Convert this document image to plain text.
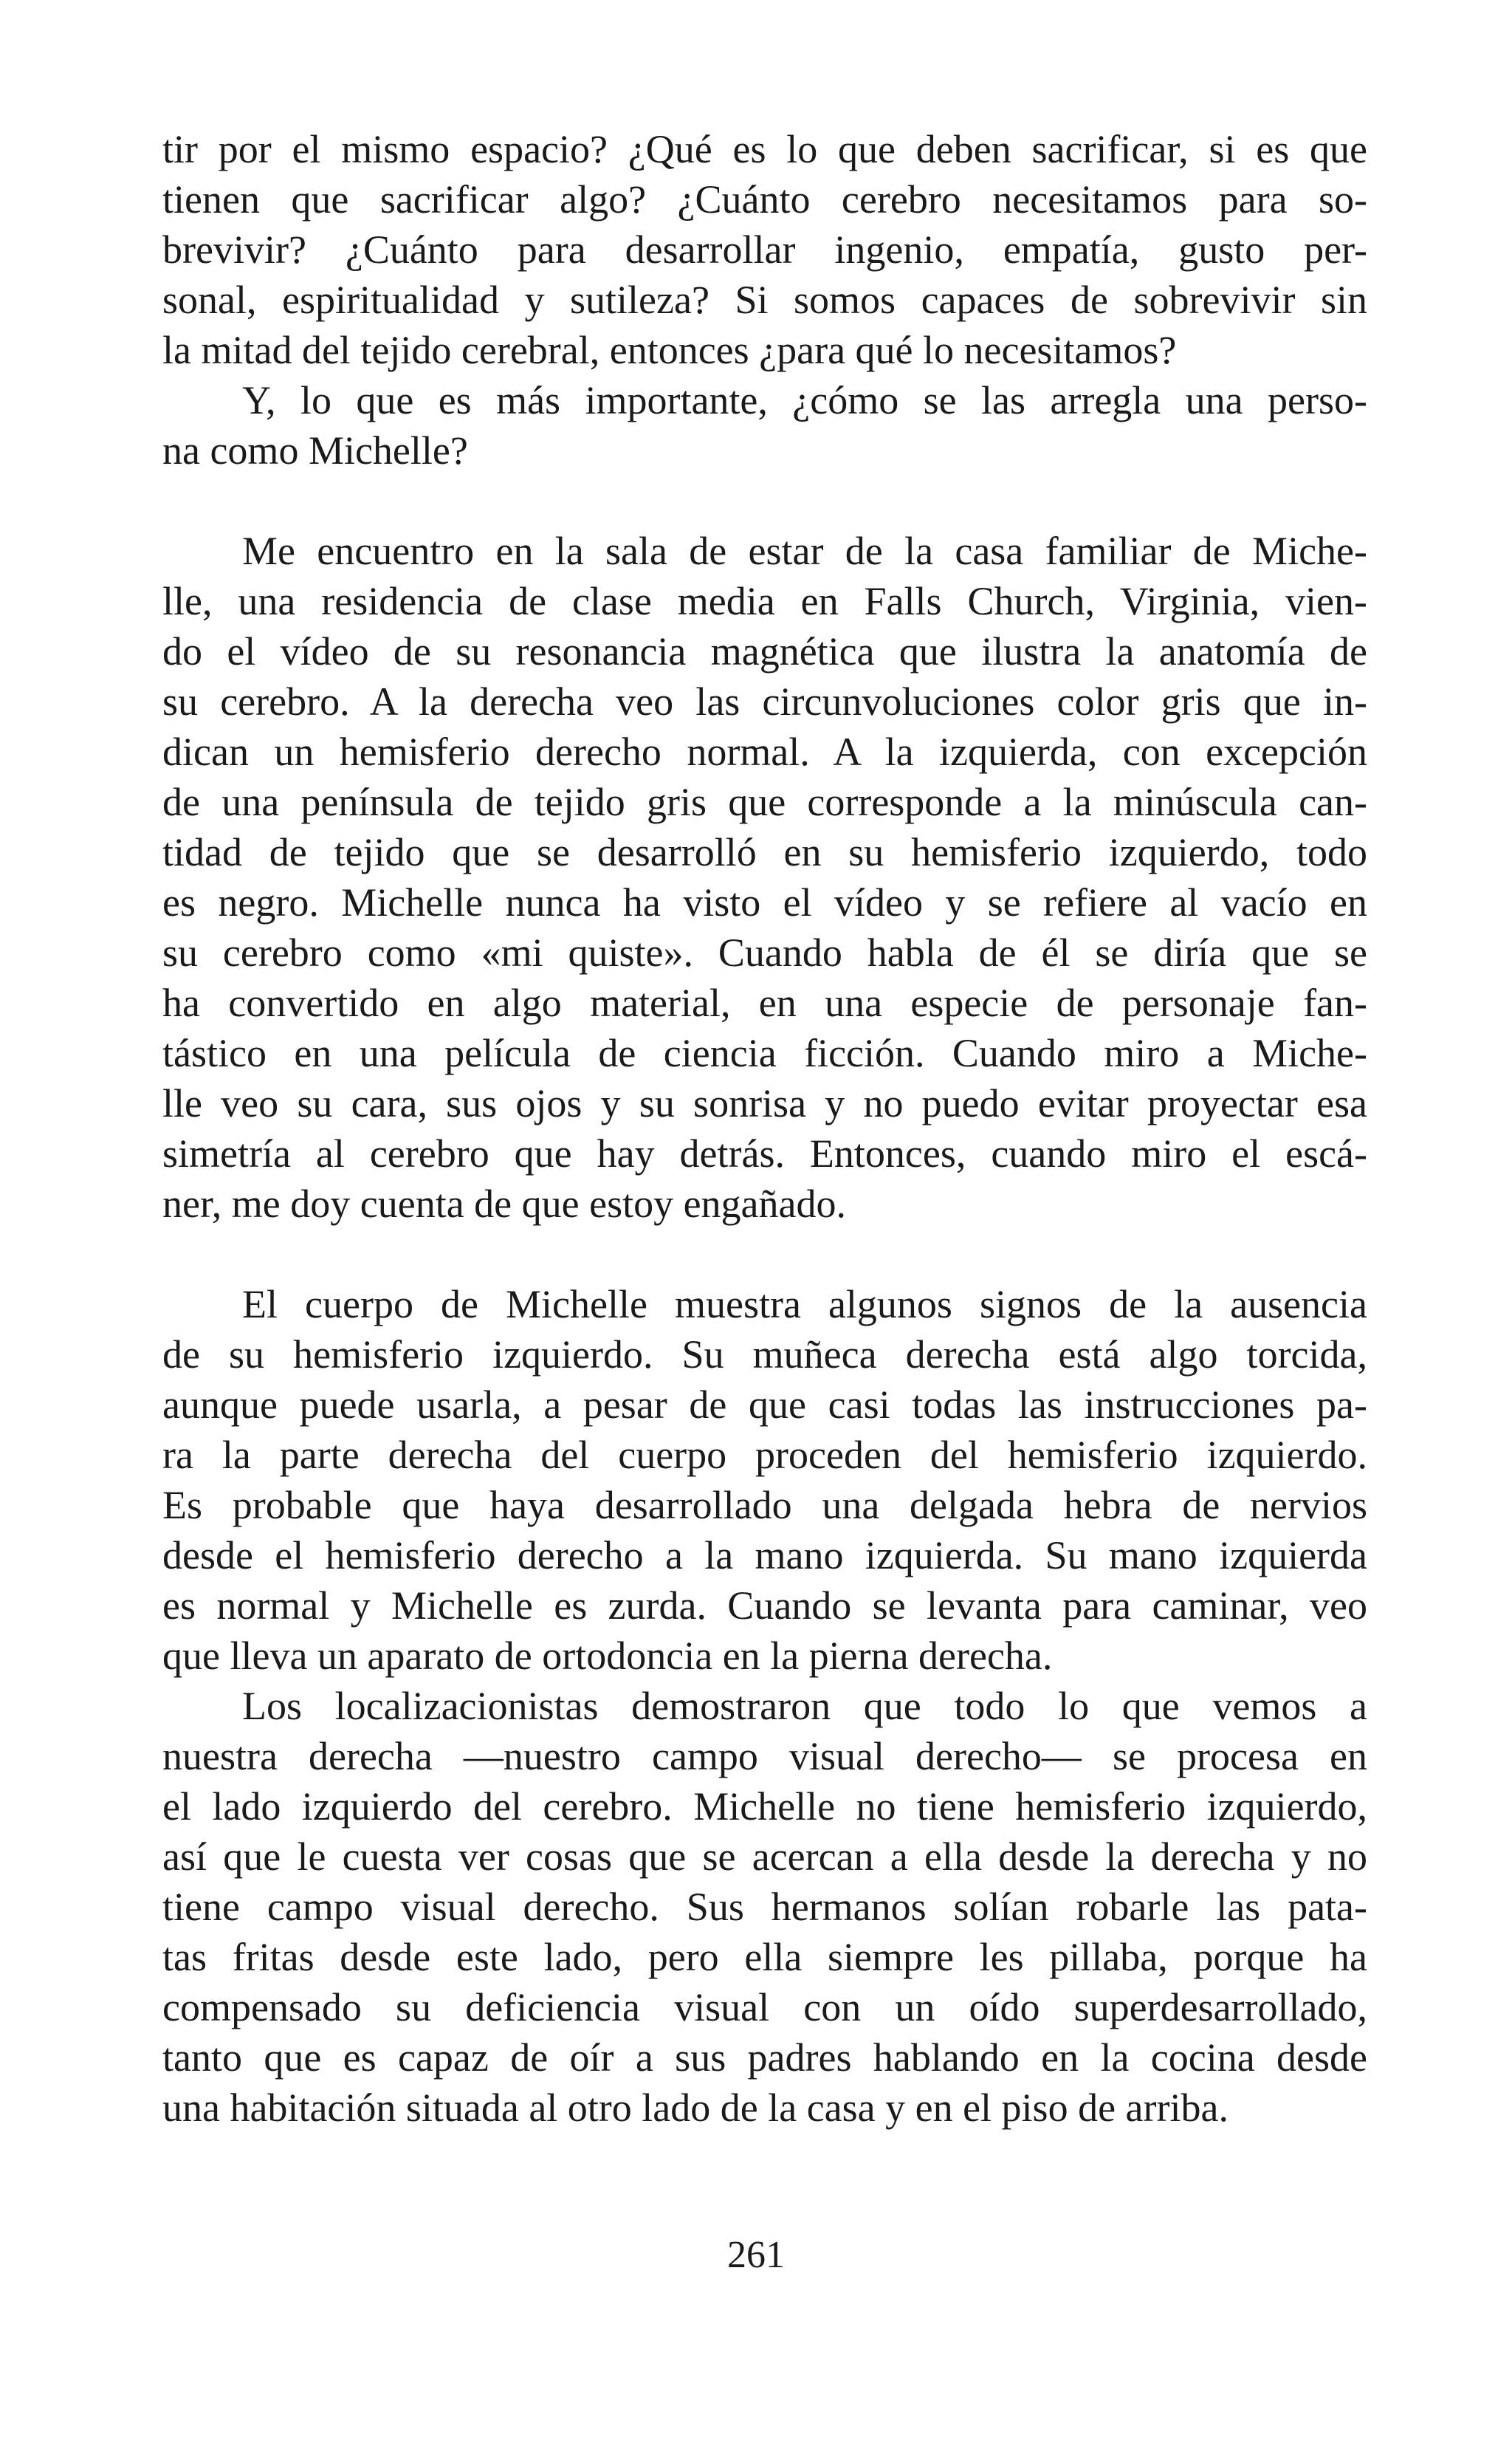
tir por el mismo espacio? ¿Qué es lo que deben sacrificar, si es que
tienen que sacrificar algo? ¿Cuánto cerebro necesitamos para so-
brevivir? ¿Cuánto para desarrollar ingenio, empatía, gusto per-
sonal, espiritualidad y sutileza? Si somos capaces de sobrevivir sin
la mitad del tejido cerebral, entonces ¿para qué lo necesitamos?
Y, lo que es más importante, ¿cómo se las arregla una perso-
na como Michelle?
Me encuentro en la sala de estar de la casa familiar de Miche-
lle, una residencia de clase media en Falls Church, Virginia, vien-
do el vídeo de su resonancia magnética que ilustra la anatomía de
su cerebro. A la derecha veo las circunvoluciones color gris que in-
dican un hemisferio derecho normal. A la izquierda, con excepción
de una península de tejido gris que corresponde a la minúscula can-
tidad de tejido que se desarrolló en su hemisferio izquierdo, todo
es negro. Michelle nunca ha visto el vídeo y se refiere al vacío en
su cerebro como «mi quiste». Cuando habla de él se diría que se
ha convertido en algo material, en una especie de personaje fan-
tástico en una película de ciencia ficción. Cuando miro a Miche-
lle veo su cara, sus ojos y su sonrisa y no puedo evitar proyectar esa
simetría al cerebro que hay detrás. Entonces, cuando miro el escá-
ner, me doy cuenta de que estoy engañado.
El cuerpo de Michelle muestra algunos signos de la ausencia
de su hemisferio izquierdo. Su muñeca derecha está algo torcida,
aunque puede usarla, a pesar de que casi todas las instrucciones pa-
ra la parte derecha del cuerpo proceden del hemisferio izquierdo.
Es probable que haya desarrollado una delgada hebra de nervios
desde el hemisferio derecho a la mano izquierda. Su mano izquierda
es normal y Michelle es zurda. Cuando se levanta para caminar, veo
que lleva un aparato de ortodoncia en la pierna derecha.
Los localizacionistas demostraron que todo lo que vemos a
nuestra derecha —nuestro campo visual derecho— se procesa en
el lado izquierdo del cerebro. Michelle no tiene hemisferio izquierdo,
así que le cuesta ver cosas que se acercan a ella desde la derecha y no
tiene campo visual derecho. Sus hermanos solían robarle las pata-
tas fritas desde este lado, pero ella siempre les pillaba, porque ha
compensado su deficiencia visual con un oído superdesarrollado,
tanto que es capaz de oír a sus padres hablando en la cocina desde
una habitación situada al otro lado de la casa y en el piso de arriba.
261
